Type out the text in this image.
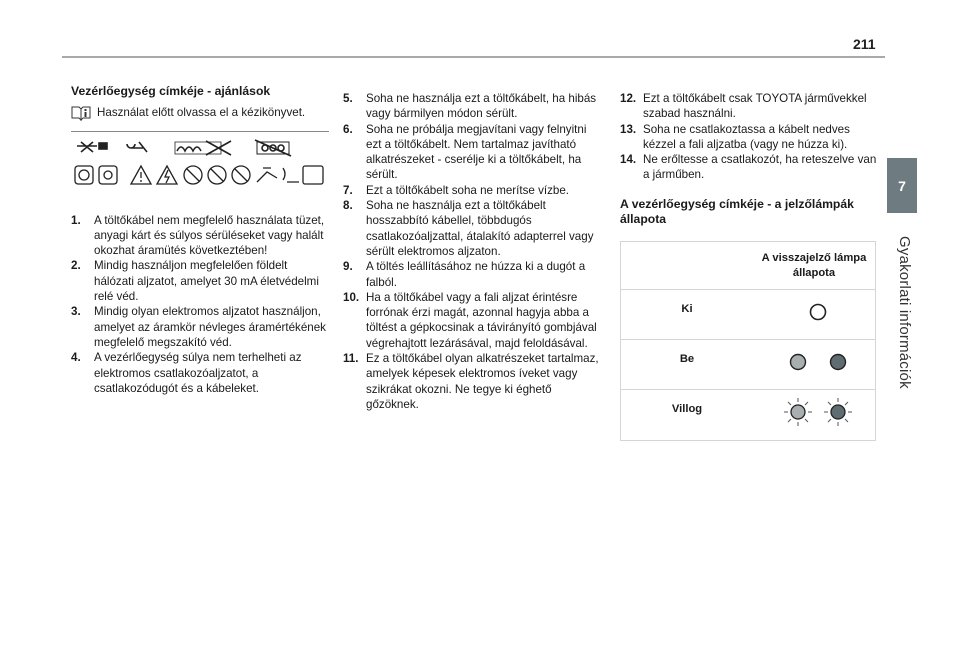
211
7
Gyakorlati információk
Vezérlőegység címkéje - ajánlások
Használat előtt olvassa el a kézikönyvet.
1.	A töltőkábel nem megfelelő használata tüzet, anyagi kárt és súlyos sérüléseket vagy halált okozhat áramütés következtében!
2.	Mindig használjon megfelelően földelt hálózati aljzatot, amelyet 30 mA életvédelmi relé véd.
3.	Mindig olyan elektromos aljzatot használjon, amelyet az áramkör névleges áramértékének megfelelő megszakító véd.
4.	A vezérlőegység súlya nem terhelheti az elektromos csatlakozóaljzatot, a csatlakozódugót és a kábeleket.
5.	Soha ne használja ezt a töltőkábelt, ha hibás vagy bármilyen módon sérült.
6.	Soha ne próbálja megjavítani vagy felnyitni ezt a töltőkábelt. Nem tartalmaz javítható alkatrészeket - cserélje ki a töltőkábelt, ha sérült.
7.	Ezt a töltőkábelt soha ne merítse vízbe.
8.	Soha ne használja ezt a töltőkábelt hosszabbító kábellel, többdugós csatlakozóaljzattal, átalakító adapterrel vagy sérült elektromos aljzaton.
9.	A töltés leállításához ne húzza ki a dugót a falból.
10. Ha a töltőkábel vagy a fali aljzat érintésre forrónak érzi magát, azonnal hagyja abba a töltést a gépkocsinak a távirányító gombjával végrehajtott lezárásával, majd feloldásával.
11. Ez a töltőkábel olyan alkatrészeket tartalmaz, amelyek képesek elektromos íveket vagy szikrákat okozni. Ne tegye ki éghető gőzöknek.
12. Ezt a töltőkábelt csak TOYOTA járművekkel szabad használni.
13. Soha ne csatlakoztassa a kábelt nedves kézzel a fali aljzatba (vagy ne húzza ki).
14. Ne erőltesse a csatlakozót, ha reteszelve van a járműben.
A vezérlőegység címkéje - a jelzőlámpák állapota
	A visszajelző lámpa állapota
Ki	
Be	
Villog	
